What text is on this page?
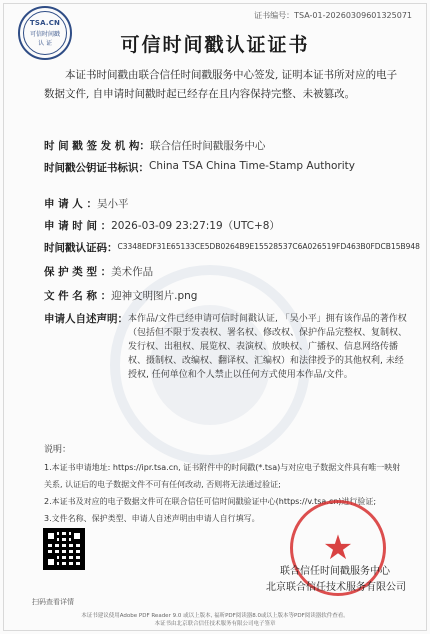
TSA.CN
可信时间戳
认 证
证书编号：TSA-01-20260309601325071
可信时间戳认证证书
本证书时间戳由联合信任时间戳服务中心签发, 证明本证书所对应的电子数据文件, 自申请时间戳时起已经存在且内容保持完整、未被篡改。
时 间 戳 签 发 机 构： 联合信任时间戳服务中心
时间戳公钥证书标识： China TSA China Time-Stamp Authority
申 请 人 ： 吴小平
申 请 时 间 ： 2026-03-09 23:27:19（UTC+8）
时间戳认证码： C3348EDF31E65133CE5DB0264B9E15528537C6A026519FD463B0FDCB15B948
保 护 类 型 ： 美术作品
文 件 名 称 ： 迎神文明图片.png
申请人自述声明： 本作品/文件已经申请可信时间戳认证, 「吴小平」拥有该作品的著作权（包括但不限于发表权、署名权、修改权、保护作品完整权、复制权、发行权、出租权、展览权、表演权、放映权、广播权、信息网络传播权、摄制权、改编权、翻译权、汇编权）和法律授予的其他权利, 未经授权, 任何单位和个人禁止以任何方式使用本作品/文件。
说明：
1.本证书申请地址: https://ipr.tsa.cn, 证书附件中的时间戳(*.tsa)与对应电子数据文件具有唯一映射关系, 认证后的电子数据文件不可有任何改动, 否则将无法通过验证;
2.本证书及对应的电子数据文件可在联合信任可信时间戳验证中心(https://v.tsa.cn)进行验证;
3.文件名称、保护类型、申请人自述声明由申请人自行填写。
扫码查看详情
★
联合信任时间戳服务中心
北京联合信任技术服务有限公司
本证书建议使用Adobe PDF Reader 9.0 或以上版本, 福昕PDF阅读器8.0或以上版本等PDF阅读器软件查看。
本证书由北京联合信任技术服务有限公司电子签章
